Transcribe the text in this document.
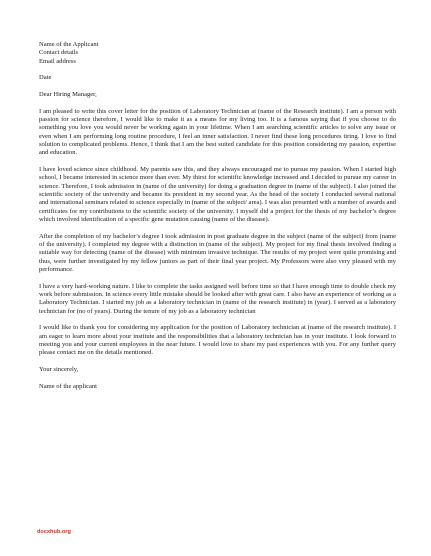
Name of the Applicant
Contact details
Email address
Date
Dear Hiring Manager,

I am pleased to write this cover letter for the position of Laboratory Technician at (name of the Research institute). I am a person with passion for science therefore, I would like to make it as a means for my living too. It is a famous saying that if you choose to do something you love you would never be working again in your lifetime. When I am searching scientific articles to solve any issue or even when I am performing long routine procedure, I feel an inner satisfaction. I never find these long procedures tiring. I love to find solution to complicated problems. Hence, I think that I am the best suited candidate for this position considering my passion, expertise and education.

I have loved science since childhood. My parents saw this, and they always encouraged me to pursue my passion. When I started high school, I became interested in science more than ever. My thirst for scientific knowledge increased and I decided to pursue my career in science. Therefore, I took admission in (name of the university) for doing a graduation degree in (name of the subject). I also joined the scientific society of the university and became its president in my second year. As the head of the society I conducted several national and international seminars related to science especially in (name of the subject/ area). I was also presented with a number of awards and certificates for my contributions to the scientific society of the university. I myself did a project for the thesis of my bachelor’s degree which involved identification of a specific gene mutation causing (name of the disease).

After the completion of my bachelor’s degree I took admission in post graduate degree in the subject (name of the subject) from (name of the university). I completed my degree with a distinction in (name of the subject). My project for my final thesis involved finding a suitable way for detecting (name of the disease) with minimum invasive technique. The results of my project were quite promising and thus, were further investigated by my fellow juniors as part of their final year project. My Professors were also very pleased with my performance.

I have a very hard-working nature. I like to complete the tasks assigned well before time so that I have enough time to double check my work before submission. In science every little mistake should be looked after with great care. I also have an experience of working as a Laboratory Technician. I started my job as a laboratory technician in (name of the research institute) in (year). I served as a laboratory technician for (no of years). During the tenure of my job as a laboratory technician

I would like to thank you for considering my application for the position of Laboratory technician at (name of the research institute). I am eager to learn more about your institute and the responsibilities that a laboratory technician has in your institute. I look forward to meeting you and your current employees in the near future. I would love to share my past experiences with you. For any further query please contact me on the details mentioned.

Your sincerely,
Name of the applicant
docxhub.org
